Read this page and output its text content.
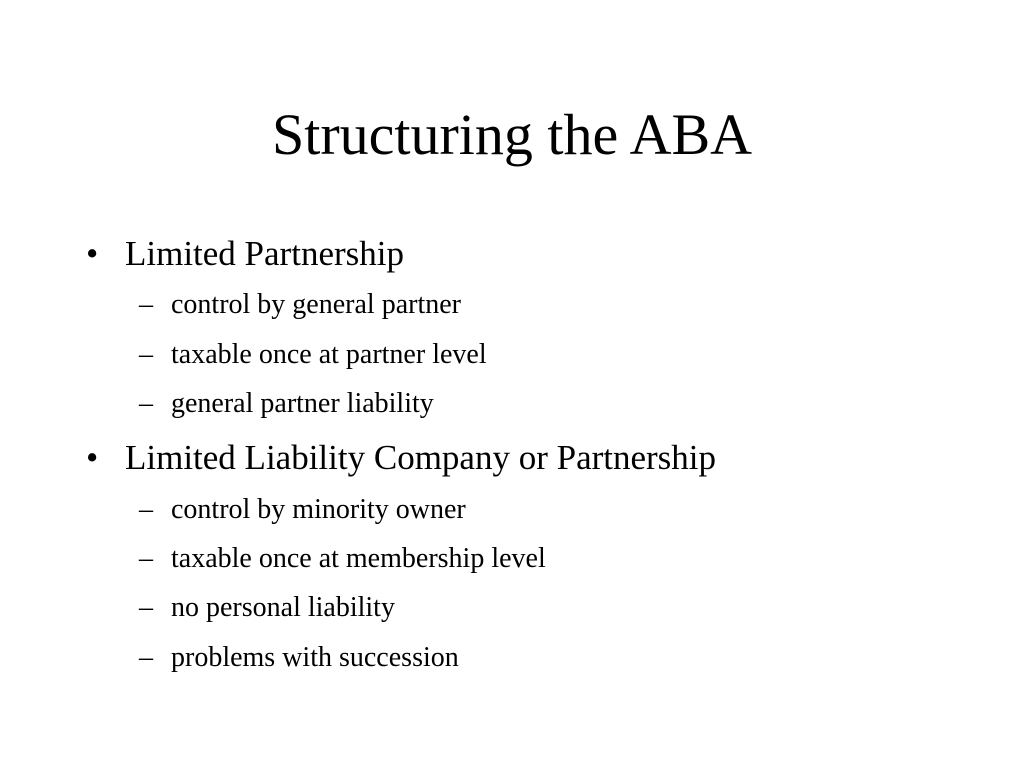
Structuring the ABA
• Limited Partnership
– control by general partner
– taxable once at partner level
– general partner liability
• Limited Liability Company or Partnership
– control by minority owner
– taxable once at membership level
– no personal liability
– problems with succession
